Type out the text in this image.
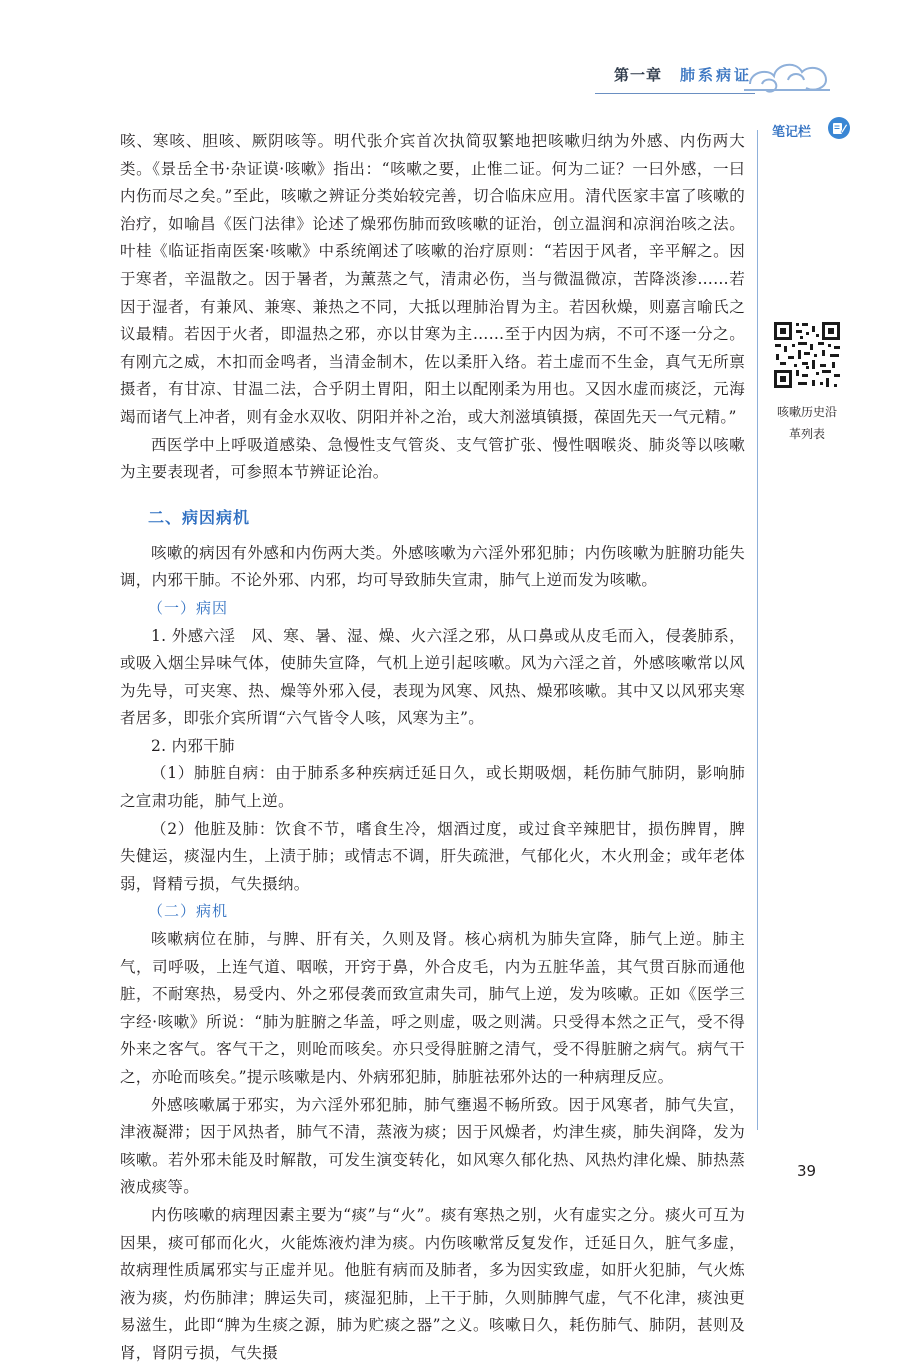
第一章 肺系病证
笔记栏
咳嗽历史沿
革列表

咳、寒咳、胆咳、厥阴咳等。明代张介宾首次执简驭繁地把咳嗽归纳为外感、内伤两大类。《景岳全书·杂证谟·咳嗽》指出：“咳嗽之要，止惟二证。何为二证？一曰外感，一曰内伤而尽之矣。”至此，咳嗽之辨证分类始较完善，切合临床应用。清代医家丰富了咳嗽的治疗，如喻昌《医门法律》论述了燥邪伤肺而致咳嗽的证治，创立温润和凉润治咳之法。叶桂《临证指南医案·咳嗽》中系统阐述了咳嗽的治疗原则：“若因于风者，辛平解之。因于寒者，辛温散之。因于暑者，为薰蒸之气，清肃必伤，当与微温微凉，苦降淡渗……若因于湿者，有兼风、兼寒、兼热之不同，大抵以理肺治胃为主。若因秋燥，则嘉言喻氏之议最精。若因于火者，即温热之邪，亦以甘寒为主……至于内因为病，不可不逐一分之。有刚亢之威，木扣而金鸣者，当清金制木，佐以柔肝入络。若土虚而不生金，真气无所禀摄者，有甘凉、甘温二法，合乎阴土胃阳，阳土以配刚柔为用也。又因水虚而痰泛，元海竭而诸气上冲者，则有金水双收、阴阳并补之治，或大剂滋填镇摄，葆固先天一气元精。”

西医学中上呼吸道感染、急慢性支气管炎、支气管扩张、慢性咽喉炎、肺炎等以咳嗽为主要表现者，可参照本节辨证论治。

二、病因病机

咳嗽的病因有外感和内伤两大类。外感咳嗽为六淫外邪犯肺；内伤咳嗽为脏腑功能失调，内邪干肺。不论外邪、内邪，均可导致肺失宣肃，肺气上逆而发为咳嗽。

（一）病因

1. 外感六淫　风、寒、暑、湿、燥、火六淫之邪，从口鼻或从皮毛而入，侵袭肺系，或吸入烟尘异味气体，使肺失宣降，气机上逆引起咳嗽。风为六淫之首，外感咳嗽常以风为先导，可夹寒、热、燥等外邪入侵，表现为风寒、风热、燥邪咳嗽。其中又以风邪夹寒者居多，即张介宾所谓“六气皆令人咳，风寒为主”。

2. 内邪干肺

（1）肺脏自病：由于肺系多种疾病迁延日久，或长期吸烟，耗伤肺气肺阴，影响肺之宣肃功能，肺气上逆。

（2）他脏及肺：饮食不节，嗜食生冷，烟酒过度，或过食辛辣肥甘，损伤脾胃，脾失健运，痰湿内生，上渍于肺；或情志不调，肝失疏泄，气郁化火，木火刑金；或年老体弱，肾精亏损，气失摄纳。

（二）病机

咳嗽病位在肺，与脾、肝有关，久则及肾。核心病机为肺失宣降，肺气上逆。肺主气，司呼吸，上连气道、咽喉，开窍于鼻，外合皮毛，内为五脏华盖，其气贯百脉而通他脏，不耐寒热，易受内、外之邪侵袭而致宣肃失司，肺气上逆，发为咳嗽。正如《医学三字经·咳嗽》所说：“肺为脏腑之华盖，呼之则虚，吸之则满。只受得本然之正气，受不得外来之客气。客气干之，则呛而咳矣。亦只受得脏腑之清气，受不得脏腑之病气。病气干之，亦呛而咳矣。”提示咳嗽是内、外病邪犯肺，肺脏祛邪外达的一种病理反应。

外感咳嗽属于邪实，为六淫外邪犯肺，肺气壅遏不畅所致。因于风寒者，肺气失宣，津液凝滞；因于风热者，肺气不清，蒸液为痰；因于风燥者，灼津生痰，肺失润降，发为咳嗽。若外邪未能及时解散，可发生演变转化，如风寒久郁化热、风热灼津化燥、肺热蒸液成痰等。

内伤咳嗽的病理因素主要为“痰”与“火”。痰有寒热之别，火有虚实之分。痰火可互为因果，痰可郁而化火，火能炼液灼津为痰。内伤咳嗽常反复发作，迁延日久，脏气多虚，故病理性质属邪实与正虚并见。他脏有病而及肺者，多为因实致虚，如肝火犯肺，气火炼液为痰，灼伤肺津；脾运失司，痰湿犯肺，上干于肺，久则肺脾气虚，气不化津，痰浊更易滋生，此即“脾为生痰之源，肺为贮痰之器”之义。咳嗽日久，耗伤肺气、肺阴，甚则及肾，肾阴亏损，气失摄

39
